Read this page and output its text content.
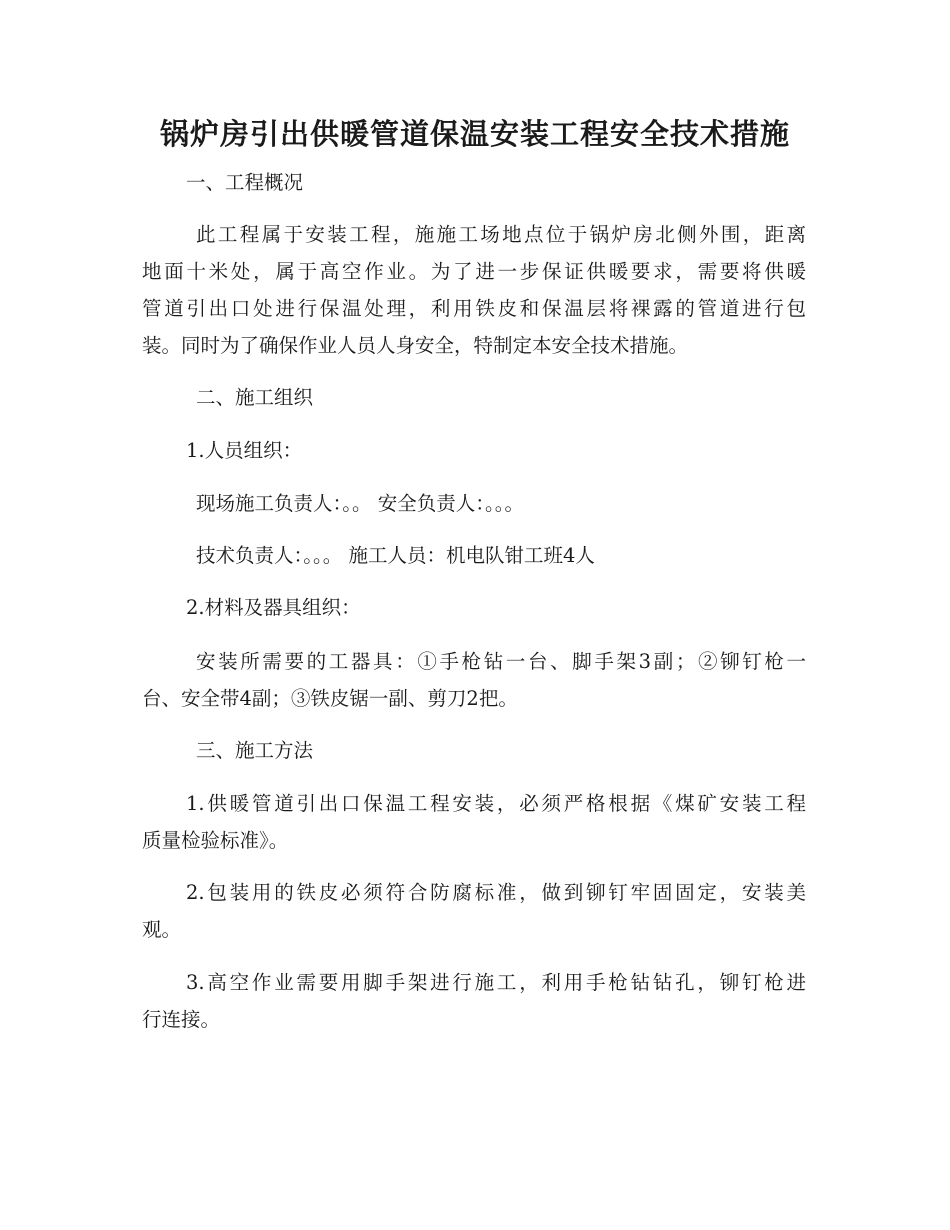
锅炉房引出供暖管道保温安装工程安全技术措施
一、工程概况
此工程属于安装工程，施施工场地点位于锅炉房北侧外围，距离
地面十米处，属于高空作业。为了进一步保证供暖要求，需要将供暖
管道引出口处进行保温处理，利用铁皮和保温层将裸露的管道进行包
装。同时为了确保作业人员人身安全，特制定本安全技术措施。
二、施工组织
1.人员组织：
现场施工负责人：。。 安全负责人：。。。
技术负责人：。。。 施工人员：机电队钳工班4人
2.材料及器具组织：
安装所需要的工器具：①手枪钻一台、脚手架3副；②铆钉枪一
台、安全带4副；③铁皮锯一副、剪刀2把。
三、施工方法
1.供暖管道引出口保温工程安装，必须严格根据《煤矿安装工程
质量检验标准》。
2.包装用的铁皮必须符合防腐标准，做到铆钉牢固固定，安装美
观。
3.高空作业需要用脚手架进行施工，利用手枪钻钻孔，铆钉枪进
行连接。
